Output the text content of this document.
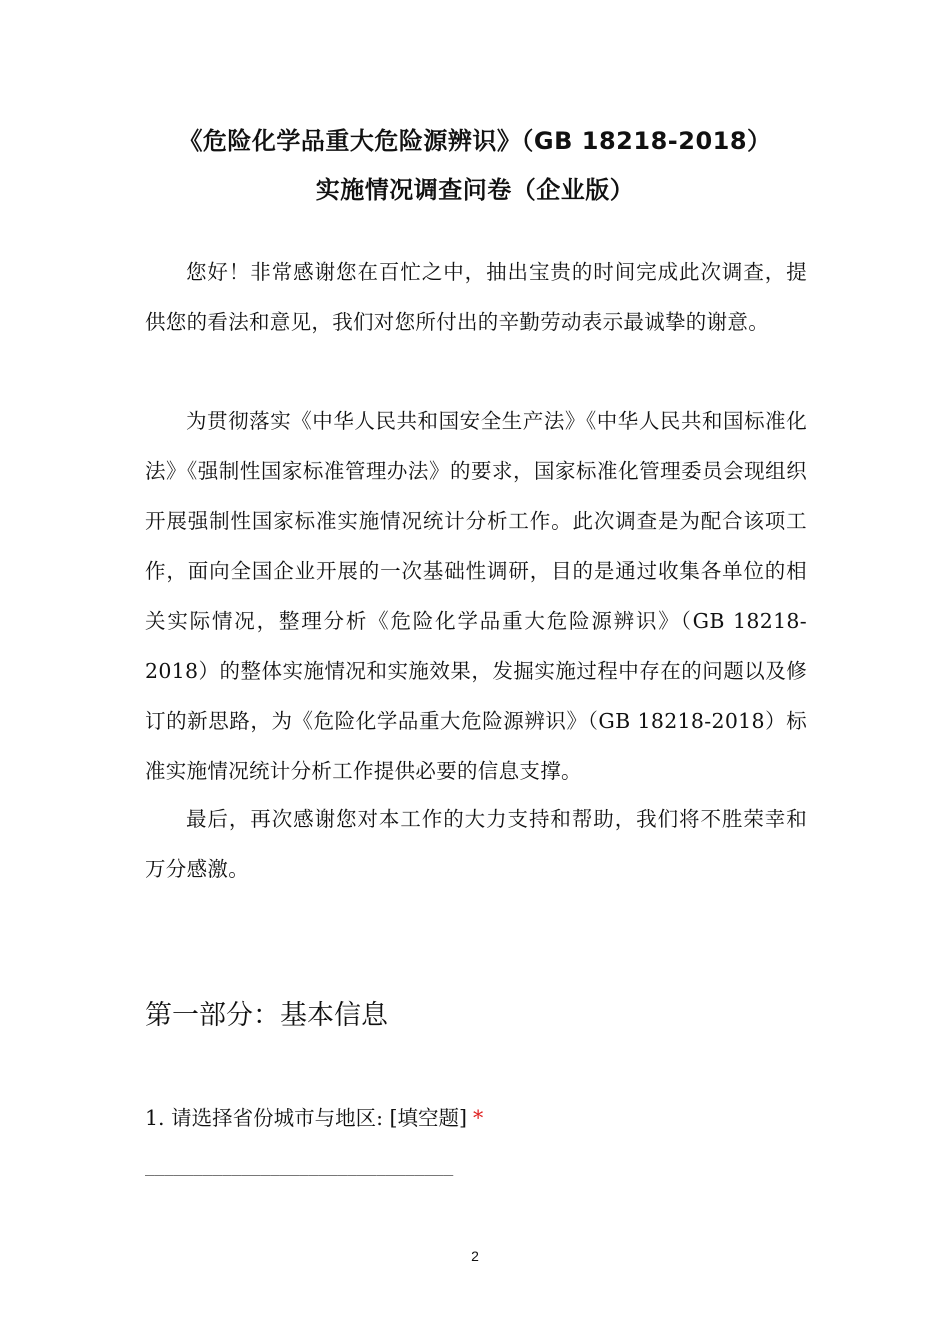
《危险化学品重大危险源辨识》（GB 18218-2018）
实施情况调查问卷（企业版）

您好！非常感谢您在百忙之中，抽出宝贵的时间完成此次调查，提供您的看法和意见，我们对您所付出的辛勤劳动表示最诚挚的谢意。

为贯彻落实《中华人民共和国安全生产法》《中华人民共和国标准化法》《强制性国家标准管理办法》的要求，国家标准化管理委员会现组织开展强制性国家标准实施情况统计分析工作。此次调查是为配合该项工作，面向全国企业开展的一次基础性调研，目的是通过收集各单位的相关实际情况，整理分析《危险化学品重大危险源辨识》（GB 18218-2018）的整体实施情况和实施效果，发掘实施过程中存在的问题以及修订的新思路，为《危险化学品重大危险源辨识》（GB 18218-2018）标准实施情况统计分析工作提供必要的信息支撑。

最后，再次感谢您对本工作的大力支持和帮助，我们将不胜荣幸和万分感激。

第一部分：基本信息
1. 请选择省份城市与地区: [填空题] *
________________________________
2
